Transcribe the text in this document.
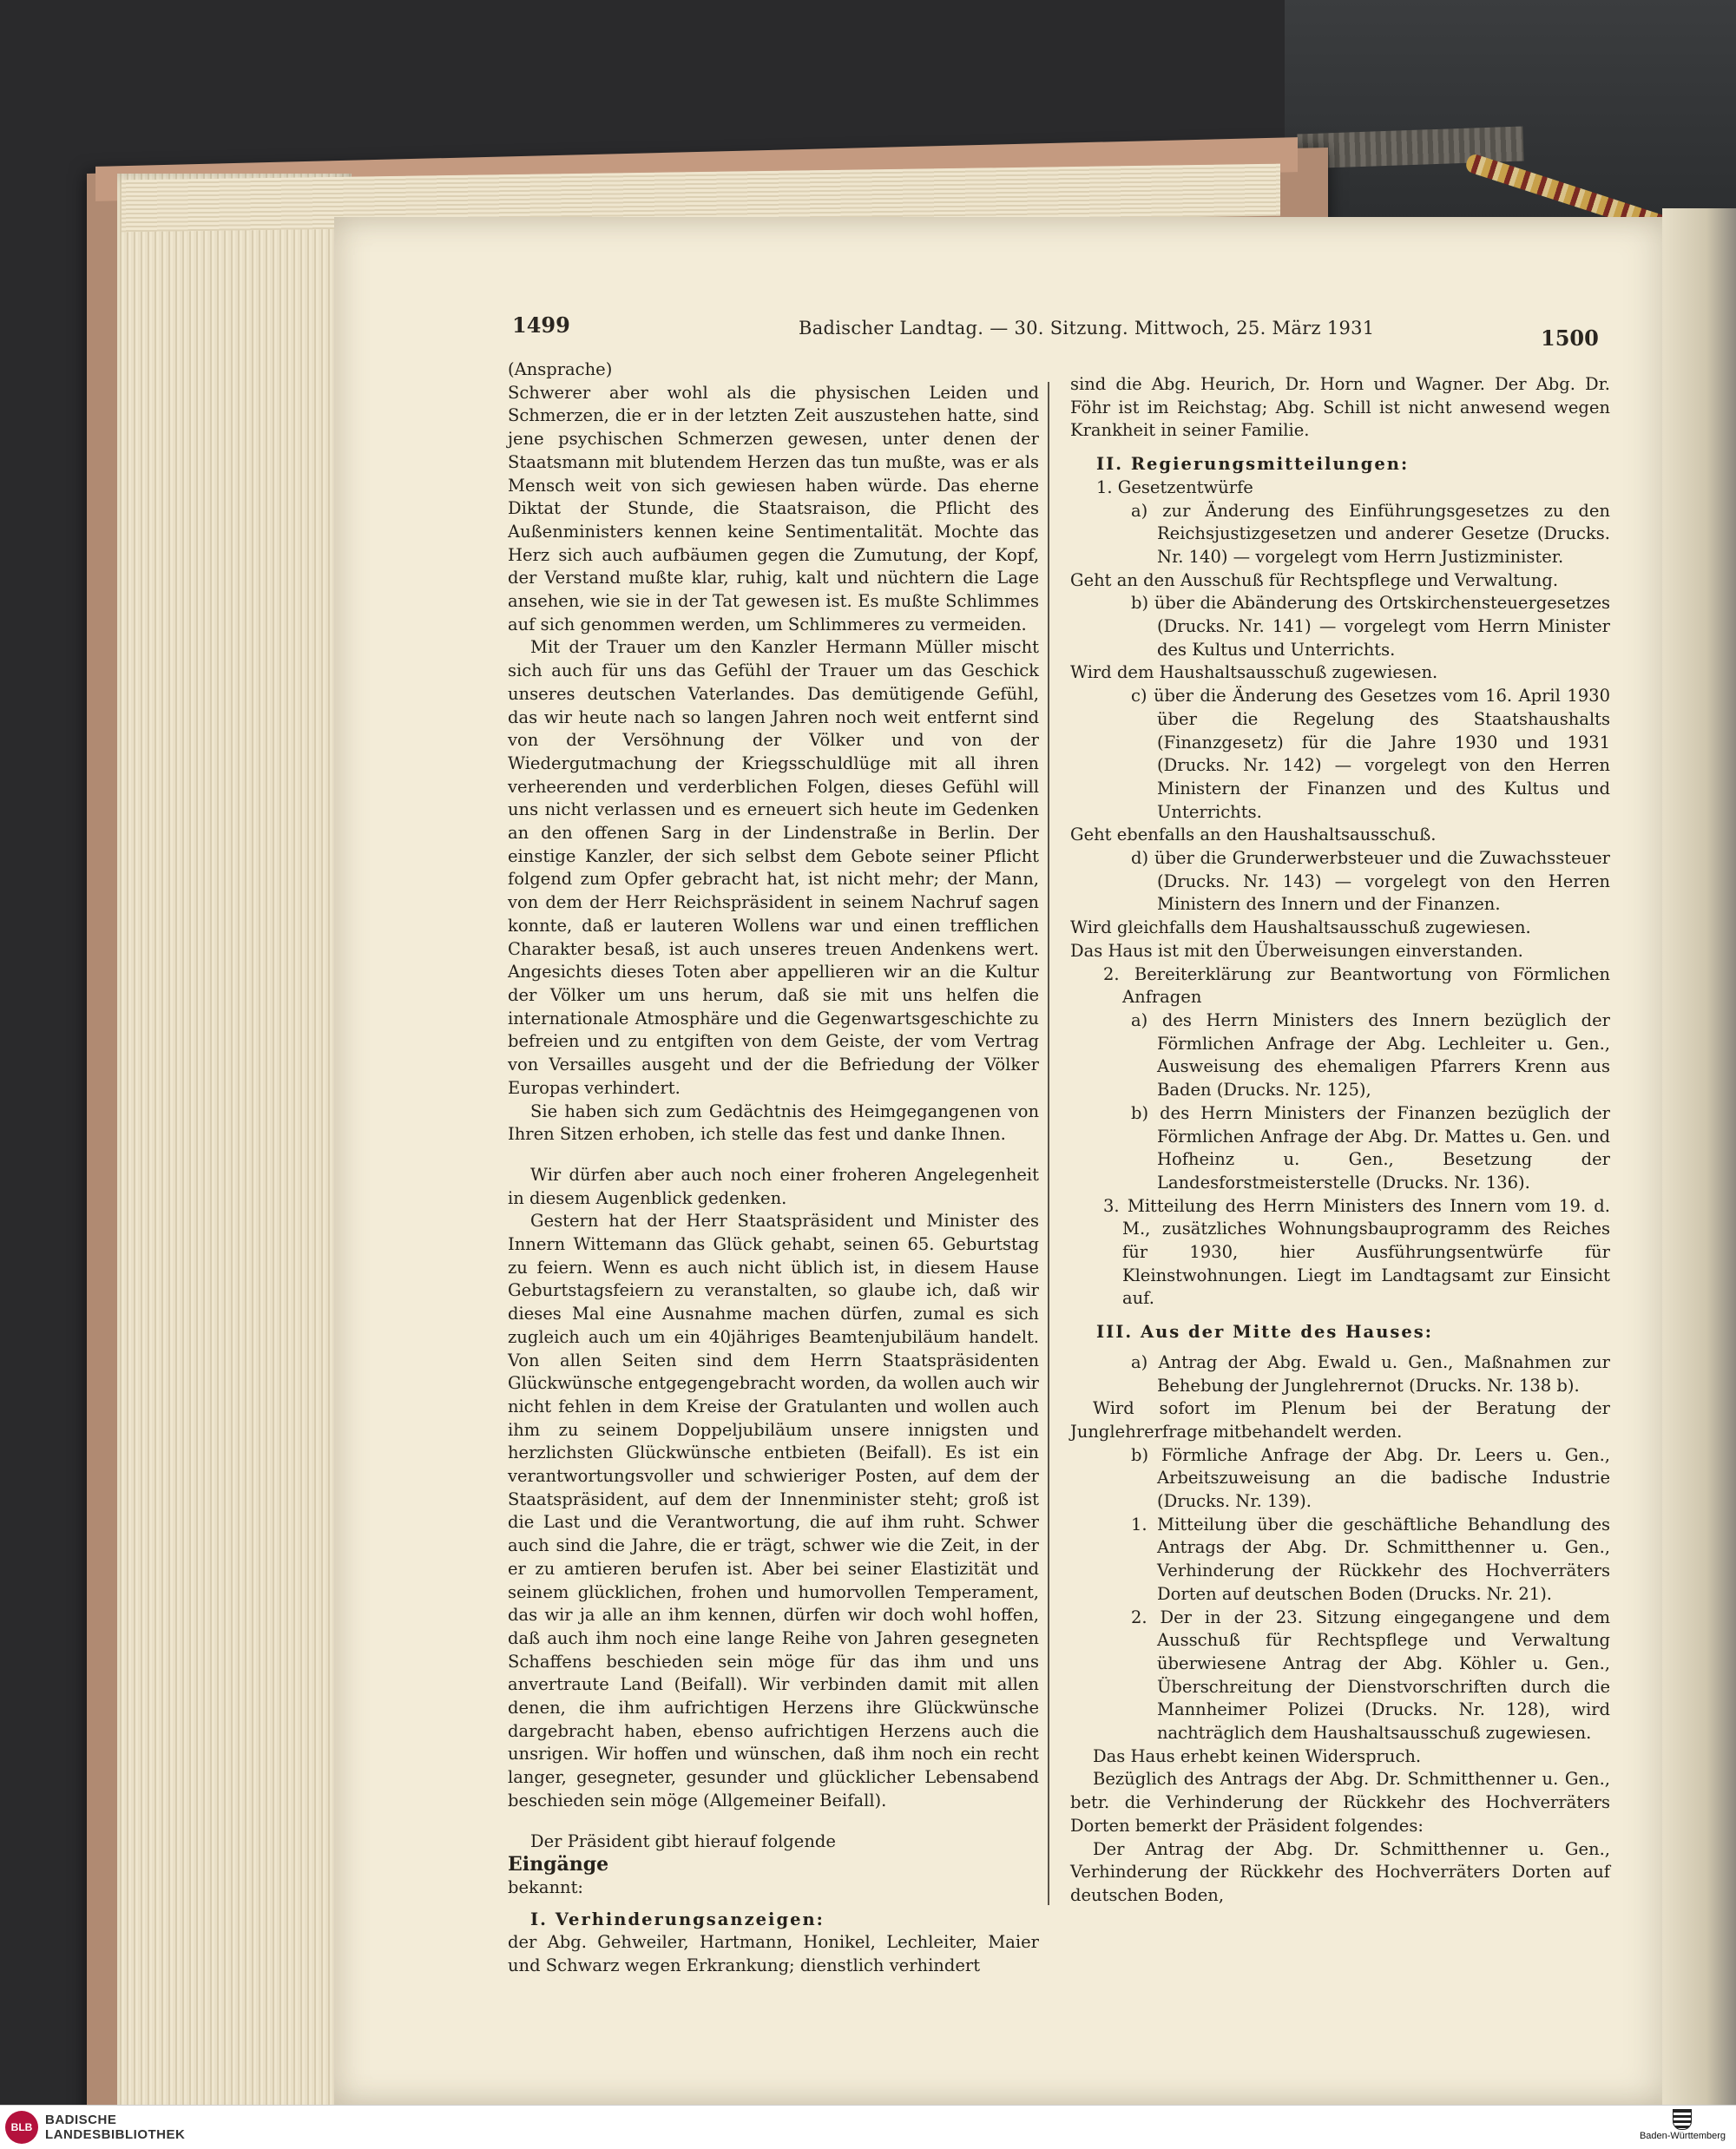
1499	Badischer Landtag. — 30. Sitzung. Mittwoch, 25. März 1931	1500

(Ansprache)

Schwerer aber wohl als die physischen Leiden und Schmerzen, die er in der letzten Zeit auszustehen hatte, sind jene psychischen Schmerzen gewesen, unter denen der Staatsmann mit blutendem Herzen das tun mußte, was er als Mensch weit von sich gewiesen haben würde. Das eherne Diktat der Stunde, die Staatsraison, die Pflicht des Außenministers kennen keine Sentimentalität. Mochte das Herz sich auch aufbäumen gegen die Zumutung, der Kopf, der Verstand mußte klar, ruhig, kalt und nüchtern die Lage ansehen, wie sie in der Tat gewesen ist. Es mußte Schlimmes auf sich genommen werden, um Schlimmeres zu vermeiden.

Mit der Trauer um den Kanzler Hermann Müller mischt sich auch für uns das Gefühl der Trauer um das Geschick unseres deutschen Vaterlandes. Das demütigende Gefühl, das wir heute nach so langen Jahren noch weit entfernt sind von der Versöhnung der Völker und von der Wiedergutmachung der Kriegsschuldlüge mit all ihren verheerenden und verderblichen Folgen, dieses Gefühl will uns nicht verlassen und es erneuert sich heute im Gedenken an den offenen Sarg in der Lindenstraße in Berlin. Der einstige Kanzler, der sich selbst dem Gebote seiner Pflicht folgend zum Opfer gebracht hat, ist nicht mehr; der Mann, von dem der Herr Reichspräsident in seinem Nachruf sagen konnte, daß er lauteren Wollens war und einen trefflichen Charakter besaß, ist auch unseres treuen Andenkens wert. Angesichts dieses Toten aber appellieren wir an die Kultur der Völker um uns herum, daß sie mit uns helfen die internationale Atmosphäre und die Gegenwartsgeschichte zu befreien und zu entgiften von dem Geiste, der vom Vertrag von Versailles ausgeht und der die Befriedung der Völker Europas verhindert.

Sie haben sich zum Gedächtnis des Heimgegangenen von Ihren Sitzen erhoben, ich stelle das fest und danke Ihnen.

Wir dürfen aber auch noch einer froheren Angelegenheit in diesem Augenblick gedenken.

Gestern hat der Herr Staatspräsident und Minister des Innern Wittemann das Glück gehabt, seinen 65. Geburtstag zu feiern. Wenn es auch nicht üblich ist, in diesem Hause Geburtstagsfeiern zu veranstalten, so glaube ich, daß wir dieses Mal eine Ausnahme machen dürfen, zumal es sich zugleich auch um ein 40jähriges Beamtenjubiläum handelt. Von allen Seiten sind dem Herrn Staatspräsidenten Glückwünsche entgegengebracht worden, da wollen auch wir nicht fehlen in dem Kreise der Gratulanten und wollen auch ihm zu seinem Doppeljubiläum unsere innigsten und herzlichsten Glückwünsche entbieten (Beifall). Es ist ein verantwortungsvoller und schwieriger Posten, auf dem der Staatspräsident, auf dem der Innenminister steht; groß ist die Last und die Verantwortung, die auf ihm ruht. Schwer auch sind die Jahre, die er trägt, schwer wie die Zeit, in der er zu amtieren berufen ist. Aber bei seiner Elastizität und seinem glücklichen, frohen und humorvollen Temperament, das wir ja alle an ihm kennen, dürfen wir doch wohl hoffen, daß auch ihm noch eine lange Reihe von Jahren gesegneten Schaffens beschieden sein möge für das ihm und uns anvertraute Land (Beifall). Wir verbinden damit mit allen denen, die ihm aufrichtigen Herzens ihre Glückwünsche dargebracht haben, ebenso aufrichtigen Herzens auch die unsrigen. Wir hoffen und wünschen, daß ihm noch ein recht langer, gesegneter, gesunder und glücklicher Lebensabend beschieden sein möge (Allgemeiner Beifall).

Der Präsident gibt hierauf folgende

Eingänge

bekannt:

I. Verhinderungsanzeigen:

der Abg. Gehweiler, Hartmann, Honikel, Lechleiter, Maier und Schwarz wegen Erkrankung; dienstlich verhindert

sind die Abg. Heurich, Dr. Horn und Wagner. Der Abg. Dr. Föhr ist im Reichstag; Abg. Schill ist nicht anwesend wegen Krankheit in seiner Familie.

II. Regierungsmitteilungen:

1. Gesetzentwürfe

a) zur Änderung des Einführungsgesetzes zu den Reichsjustizgesetzen und anderer Gesetze (Drucks. Nr. 140) — vorgelegt vom Herrn Justizminister.

Geht an den Ausschuß für Rechtspflege und Verwaltung.

b) über die Abänderung des Ortskirchensteuergesetzes (Drucks. Nr. 141) — vorgelegt vom Herrn Minister des Kultus und Unterrichts.

Wird dem Haushaltsausschuß zugewiesen.

c) über die Änderung des Gesetzes vom 16. April 1930 über die Regelung des Staatshaushalts (Finanzgesetz) für die Jahre 1930 und 1931 (Drucks. Nr. 142) — vorgelegt von den Herren Ministern der Finanzen und des Kultus und Unterrichts.

Geht ebenfalls an den Haushaltsausschuß.

d) über die Grunderwerbsteuer und die Zuwachssteuer (Drucks. Nr. 143) — vorgelegt von den Herren Ministern des Innern und der Finanzen.

Wird gleichfalls dem Haushaltsausschuß zugewiesen.

Das Haus ist mit den Überweisungen einverstanden.

2. Bereiterklärung zur Beantwortung von Förmlichen Anfragen

a) des Herrn Ministers des Innern bezüglich der Förmlichen Anfrage der Abg. Lechleiter u. Gen., Ausweisung des ehemaligen Pfarrers Krenn aus Baden (Drucks. Nr. 125),

b) des Herrn Ministers der Finanzen bezüglich der Förmlichen Anfrage der Abg. Dr. Mattes u. Gen. und Hofheinz u. Gen., Besetzung der Landesforstmeisterstelle (Drucks. Nr. 136).

3. Mitteilung des Herrn Ministers des Innern vom 19. d. M., zusätzliches Wohnungsbauprogramm des Reiches für 1930, hier Ausführungsentwürfe für Kleinstwohnungen. Liegt im Landtagsamt zur Einsicht auf.

III. Aus der Mitte des Hauses:

a) Antrag der Abg. Ewald u. Gen., Maßnahmen zur Behebung der Junglehrernot (Drucks. Nr. 138 b).

Wird sofort im Plenum bei der Beratung der Junglehrerfrage mitbehandelt werden.

b) Förmliche Anfrage der Abg. Dr. Leers u. Gen., Arbeitszuweisung an die badische Industrie (Drucks. Nr. 139).

1. Mitteilung über die geschäftliche Behandlung des Antrags der Abg. Dr. Schmitthenner u. Gen., Verhinderung der Rückkehr des Hochverräters Dorten auf deutschen Boden (Drucks. Nr. 21).

2. Der in der 23. Sitzung eingegangene und dem Ausschuß für Rechtspflege und Verwaltung überwiesene Antrag der Abg. Köhler u. Gen., Überschreitung der Dienstvorschriften durch die Mannheimer Polizei (Drucks. Nr. 128), wird nachträglich dem Haushaltsausschuß zugewiesen.

Das Haus erhebt keinen Widerspruch.

Bezüglich des Antrags der Abg. Dr. Schmitthenner u. Gen., betr. die Verhinderung der Rückkehr des Hochverräters Dorten bemerkt der Präsident folgendes:

Der Antrag der Abg. Dr. Schmitthenner u. Gen., Verhinderung der Rückkehr des Hochverräters Dorten auf deutschen Boden,

BLB BADISCHE
LANDESBIBLIOTHEK	Baden-Württemberg
